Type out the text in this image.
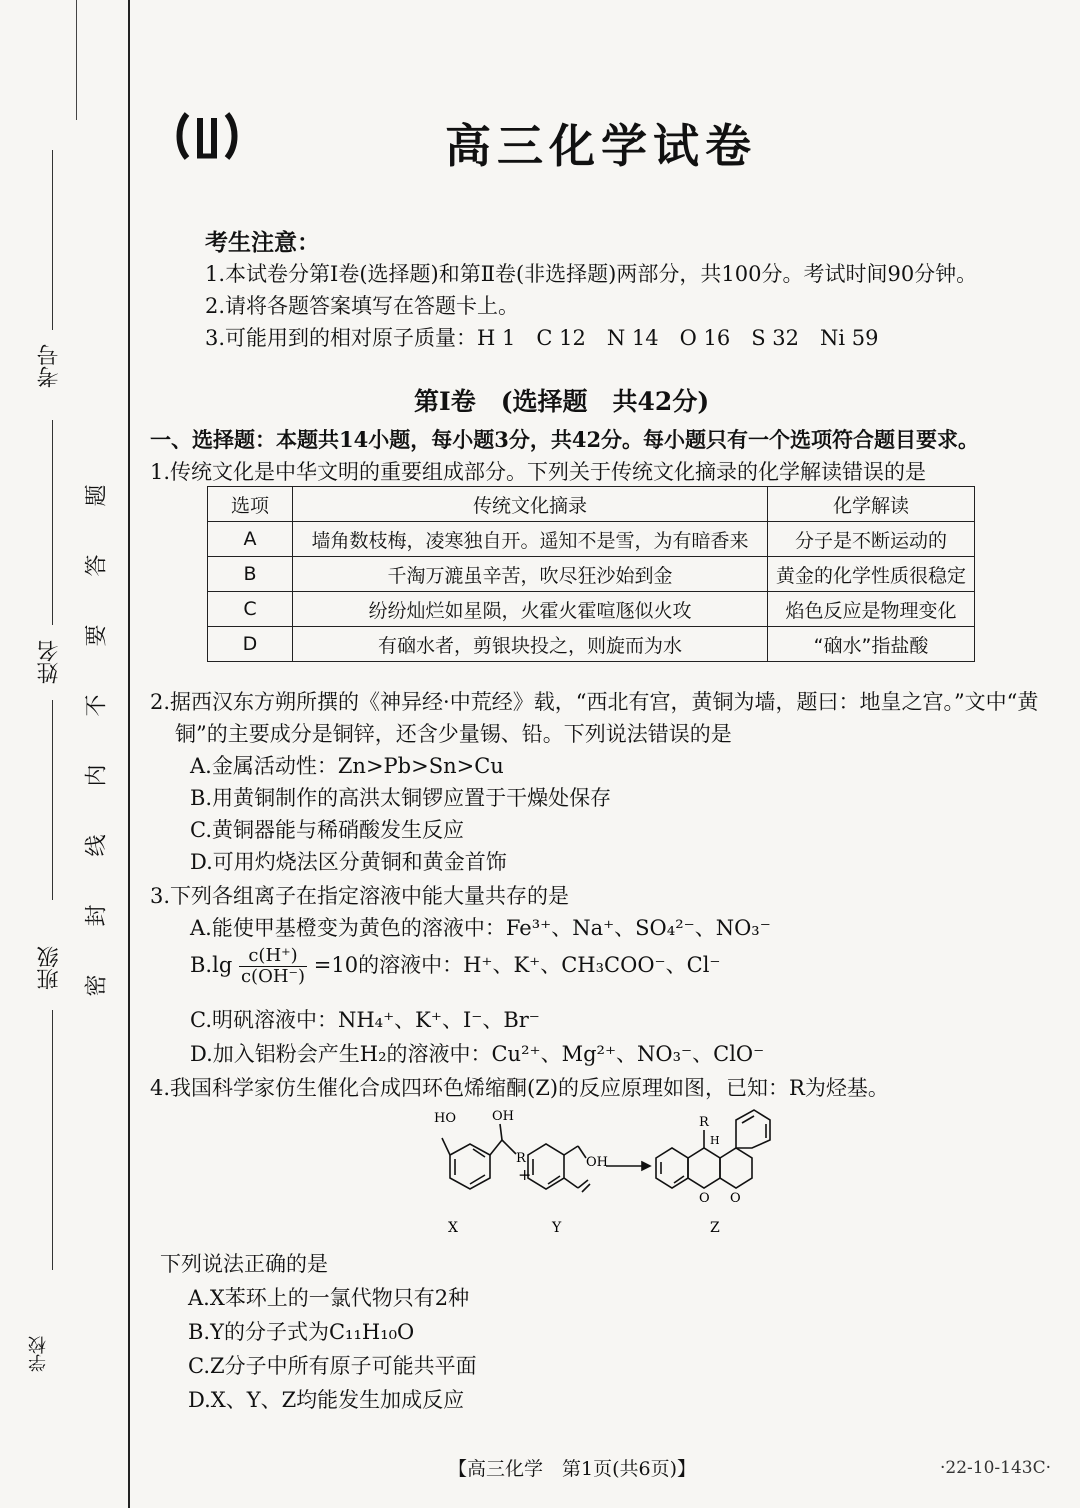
考号
姓名
班级
学校
题
答
要
不
内
线
封
密
高三化学试卷
考生注意：
1.本试卷分第Ⅰ卷(选择题)和第Ⅱ卷(非选择题)两部分，共100分。考试时间90分钟。
2.请将各题答案填写在答题卡上。
3.可能用到的相对原子质量：H 1　C 12　N 14　O 16　S 32　Ni 59
第Ⅰ卷　(选择题　共42分)
一、选择题：本题共14小题，每小题3分，共42分。每小题只有一个选项符合题目要求。
1.传统文化是中华文明的重要组成部分。下列关于传统文化摘录的化学解读错误的是
选项	传统文化摘录	化学解读
A	墙角数枝梅，凌寒独自开。遥知不是雪，为有暗香来	分子是不断运动的
B	千淘万漉虽辛苦，吹尽狂沙始到金	黄金的化学性质很稳定
C	纷纷灿烂如星陨，火霍火霍喧豗似火攻	焰色反应是物理变化
D	有硇水者，剪银块投之，则旋而为水	“硇水”指盐酸
2.据西汉东方朔所撰的《神异经·中荒经》载，“西北有宫，黄铜为墙，题曰：地皇之宫。”文中“黄
铜”的主要成分是铜锌，还含少量锡、铅。下列说法错误的是
A.金属活动性：Zn>Pb>Sn>Cu
B.用黄铜制作的高洪太铜锣应置于干燥处保存
C.黄铜器能与稀硝酸发生反应
D.可用灼烧法区分黄铜和黄金首饰
3.下列各组离子在指定溶液中能大量共存的是
A.能使甲基橙变为黄色的溶液中：Fe³⁺、Na⁺、SO₄²⁻、NO₃⁻
$B.\lg \frac{c(H^+)}{c(OH^-)} =10$的溶液中：H⁺、K⁺、CH₃COO⁻、Cl⁻
C.明矾溶液中：NH₄⁺、K⁺、I⁻、Br⁻
D.加入铝粉会产生H₂的溶液中：Cu²⁺、Mg²⁺、NO₃⁻、ClO⁻
4.我国科学家仿生催化合成四环色烯缩酮(Z)的反应原理如图，已知：R为烃基。
HO	OH
R
+
OH
R
H
O O
X	Y	Z
下列说法正确的是
A.X苯环上的一氯代物只有2种
B.Y的分子式为C₁₁H₁₀O
C.Z分子中所有原子可能共平面
D.X、Y、Z均能发生加成反应
【高三化学　第1页(共6页)】	·22-10-143C·
